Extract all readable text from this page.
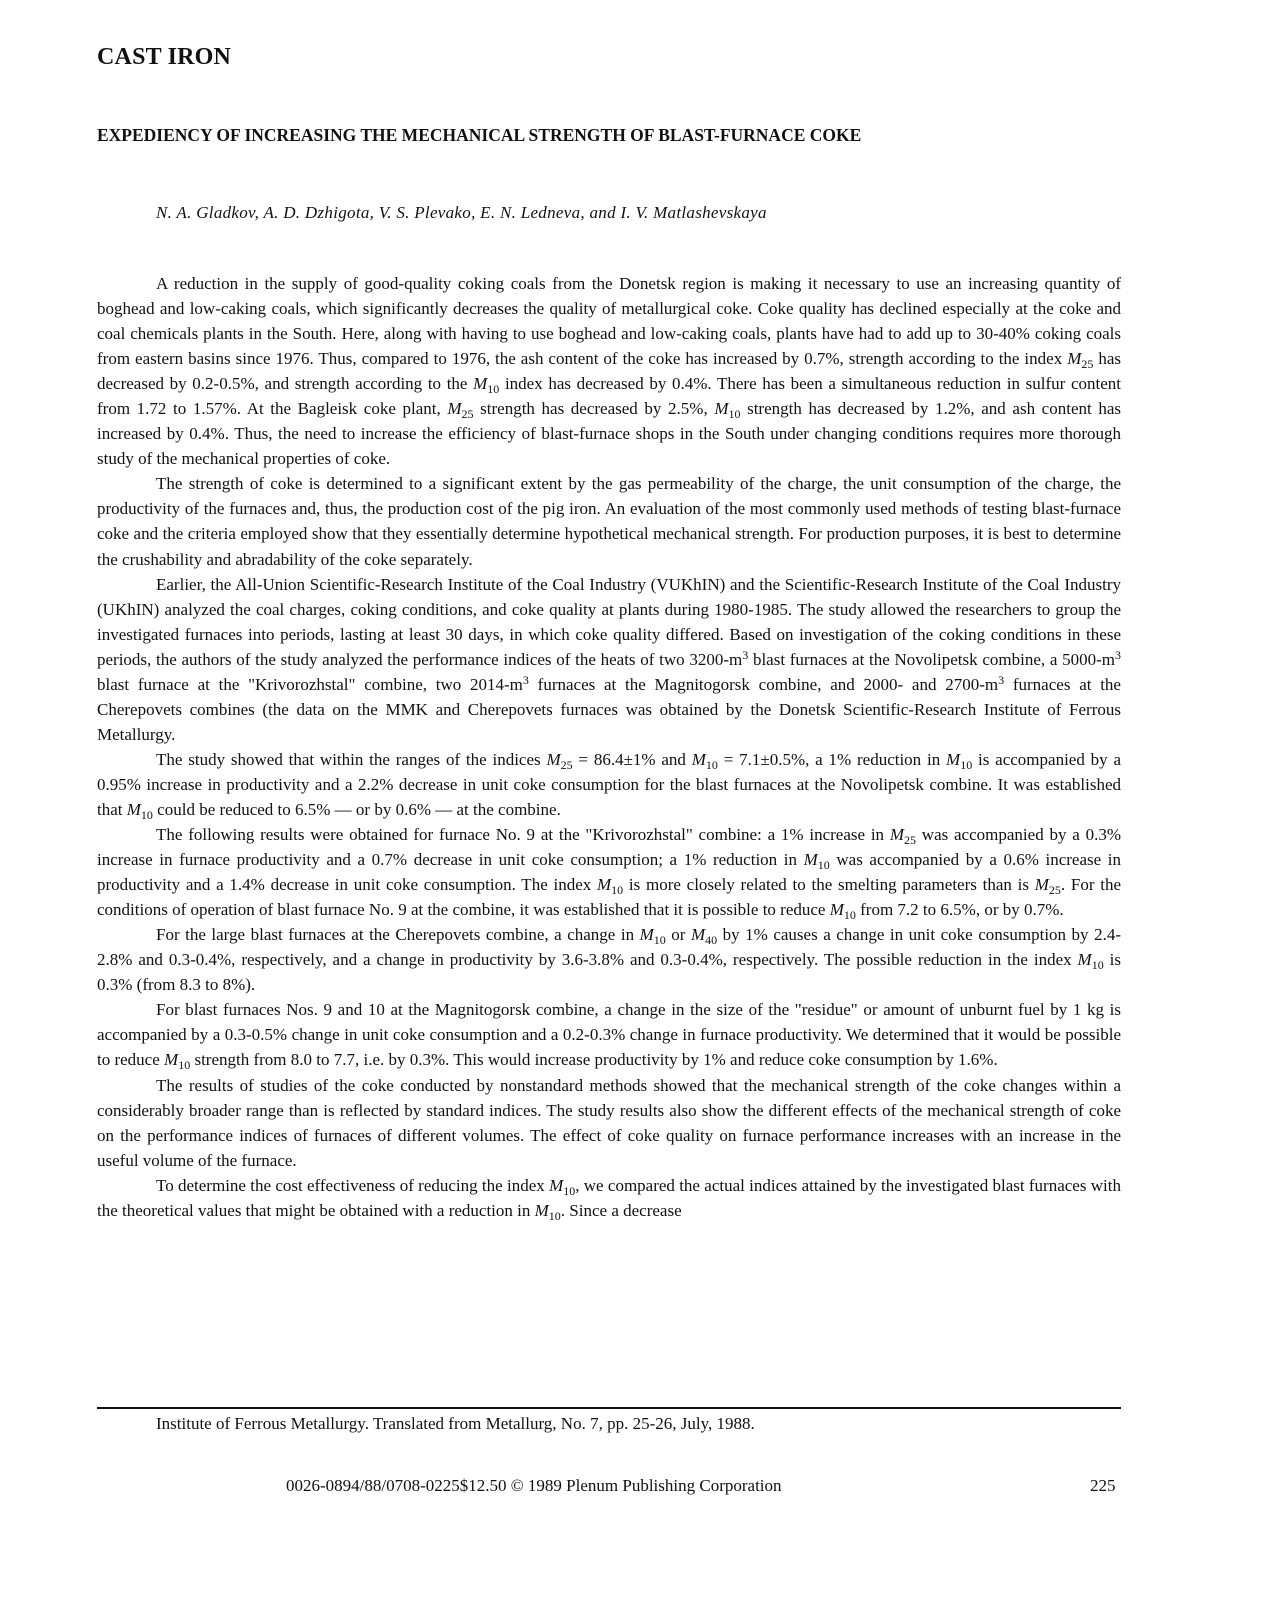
CAST IRON
EXPEDIENCY OF INCREASING THE MECHANICAL STRENGTH OF BLAST-FURNACE COKE
N. A. Gladkov, A. D. Dzhigota, V. S. Plevako, E. N. Ledneva, and I. V. Matlashevskaya

A reduction in the supply of good-quality coking coals from the Donetsk region is making it necessary to use an increasing quantity of boghead and low-caking coals, which significantly decreases the quality of metallurgical coke. Coke quality has declined especially at the coke and coal chemicals plants in the South. Here, along with having to use boghead and low-caking coals, plants have had to add up to 30-40% coking coals from eastern basins since 1976. Thus, compared to 1976, the ash content of the coke has increased by 0.7%, strength according to the index $M_{25}$ has decreased by 0.2-0.5%, and strength according to the $M_{10}$ index has decreased by 0.4%. There has been a simultaneous reduction in sulfur content from 1.72 to 1.57%. At the Bagleisk coke plant, $M_{25}$ strength has decreased by 2.5%, $M_{10}$ strength has decreased by 1.2%, and ash content has increased by 0.4%. Thus, the need to increase the efficiency of blast-furnace shops in the South under changing conditions requires more thorough study of the mechanical properties of coke.

The strength of coke is determined to a significant extent by the gas permeability of the charge, the unit consumption of the charge, the productivity of the furnaces and, thus, the production cost of the pig iron. An evaluation of the most commonly used methods of testing blast-furnace coke and the criteria employed show that they essentially determine hypothetical mechanical strength. For production purposes, it is best to determine the crushability and abradability of the coke separately.

Earlier, the All-Union Scientific-Research Institute of the Coal Industry (VUKhIN) and the Scientific-Research Institute of the Coal Industry (UKhIN) analyzed the coal charges, coking conditions, and coke quality at plants during 1980-1985. The study allowed the researchers to group the investigated furnaces into periods, lasting at least 30 days, in which coke quality differed. Based on investigation of the coking conditions in these periods, the authors of the study analyzed the performance indices of the heats of two $3200-m^3$ blast furnaces at the Novolipetsk combine, a $5000-m^3$ blast furnace at the "Krivorozhstal" combine, two $2014-m^3$ furnaces at the Magnitogorsk combine, and 2000- and $2700-m^3$ furnaces at the Cherepovets combines (the data on the MMK and Cherepovets furnaces was obtained by the Donetsk Scientific-Research Institute of Ferrous Metallurgy.

The study showed that within the ranges of the indices $M_{25} = 86.4\pm 1\%$ and $M_{10} = 7.1\pm 0.5\%$, a 1% reduction in $M_{10}$ is accompanied by a 0.95% increase in productivity and a 2.2% decrease in unit coke consumption for the blast furnaces at the Novolipetsk combine. It was established that $M_{10}$ could be reduced to 6.5% — or by 0.6% — at the combine.

The following results were obtained for furnace No. 9 at the "Krivorozhstal" combine: a 1% increase in $M_{25}$ was accompanied by a 0.3% increase in furnace productivity and a 0.7% decrease in unit coke consumption; a 1% reduction in $M_{10}$ was accompanied by a 0.6% increase in productivity and a 1.4% decrease in unit coke consumption. The index $M_{10}$ is more closely related to the smelting parameters than is $M_{25}$. For the conditions of operation of blast furnace No. 9 at the combine, it was established that it is possible to reduce $M_{10}$ from 7.2 to 6.5%, or by 0.7%.

For the large blast furnaces at the Cherepovets combine, a change in $M_{10}$ or $M_{40}$ by 1% causes a change in unit coke consumption by 2.4-2.8% and 0.3-0.4%, respectively, and a change in productivity by 3.6-3.8% and 0.3-0.4%, respectively. The possible reduction in the index $M_{10}$ is 0.3% (from 8.3 to 8%).

For blast furnaces Nos. 9 and 10 at the Magnitogorsk combine, a change in the size of the "residue" or amount of unburnt fuel by 1 kg is accompanied by a 0.3-0.5% change in unit coke consumption and a 0.2-0.3% change in furnace productivity. We determined that it would be possible to reduce $M_{10}$ strength from 8.0 to 7.7, i.e. by 0.3%. This would increase productivity by 1% and reduce coke consumption by 1.6%.

The results of studies of the coke conducted by nonstandard methods showed that the mechanical strength of the coke changes within a considerably broader range than is reflected by standard indices. The study results also show the different effects of the mechanical strength of coke on the performance indices of furnaces of different volumes. The effect of coke quality on furnace performance increases with an increase in the useful volume of the furnace.

To determine the cost effectiveness of reducing the index $M_{10}$, we compared the actual indices attained by the investigated blast furnaces with the theoretical values that might be obtained with a reduction in $M_{10}$. Since a decrease

Institute of Ferrous Metallurgy. Translated from Metallurg, No. 7, pp. 25-26, July, 1988.
0026-0894/88/0708-0225$12.50 © 1989 Plenum Publishing Corporation	225
